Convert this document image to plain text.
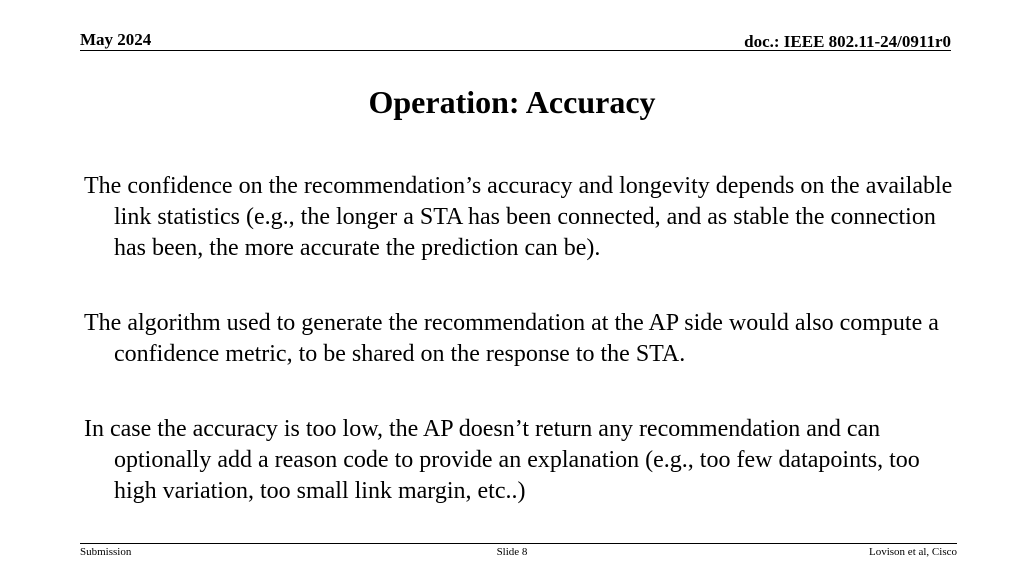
May 2024	doc.: IEEE 802.11-24/0911r0
Operation: Accuracy

The confidence on the recommendation’s accuracy and longevity depends on the available link statistics (e.g., the longer a STA has been connected, and as stable the connection has been, the more accurate the prediction can be).

The algorithm used to generate the recommendation at the AP side would also compute a confidence metric, to be shared on the response to the STA.

In case the accuracy is too low, the AP doesn’t return any recommendation and can optionally add a reason code to provide an explanation (e.g., too few datapoints, too high variation, too small link margin, etc..)

Submission	Slide 8	Lovison et al, Cisco
